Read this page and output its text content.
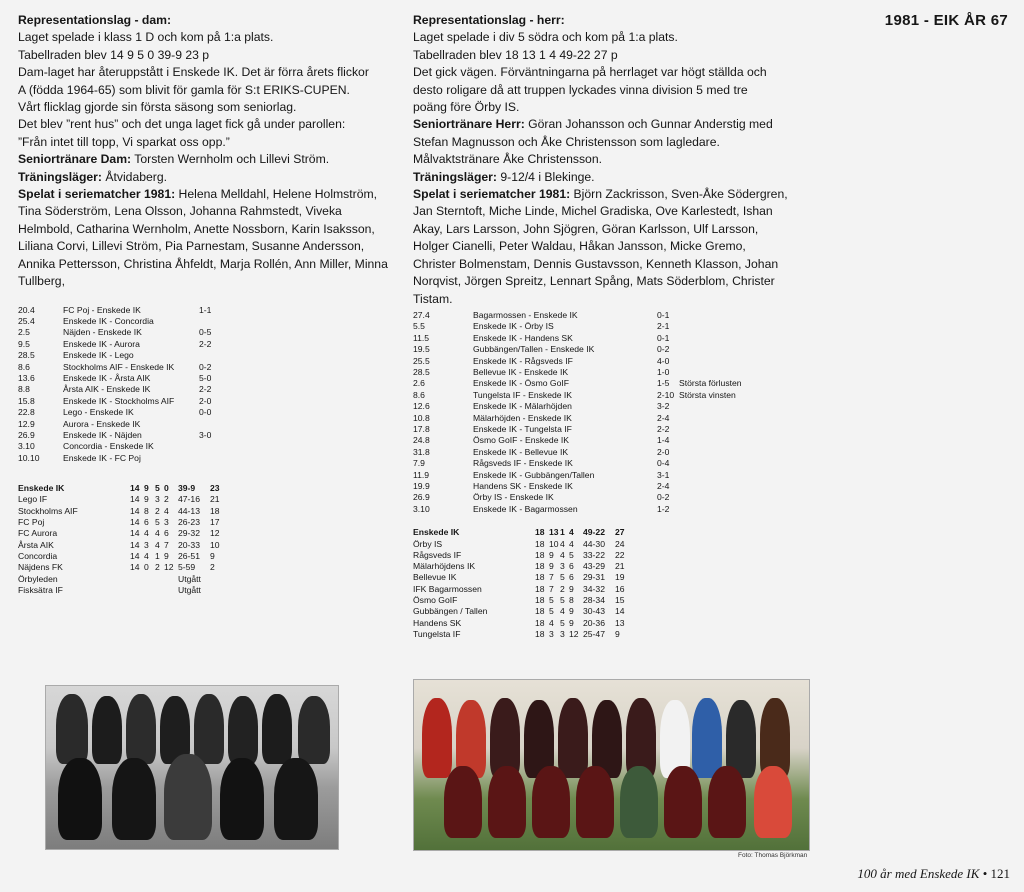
1981 - EIK ÅR 67

Representationslag - dam:

Laget spelade i klass 1 D och kom på 1:a plats.

Tabellraden blev 14 9 5 0 39-9 23 p

Dam-laget har återuppstått i Enskede IK. Det är förra årets flickor

A (födda 1964-65) som blivit för gamla för S:t ERIKS-CUPEN.

Vårt flicklag gjorde sin första säsong som seniorlag.

Det blev ”rent hus” och det unga laget fick gå under parollen:

”Från intet till topp, Vi sparkat oss opp.”

Seniortränare Dam: Torsten Wernholm och Lillevi Ström.

Träningsläger: Åtvidaberg.

Spelat i seriematcher 1981: Helena Melldahl, Helene Holmström, Tina Söderström, Lena Olsson, Johanna Rahmstedt, Viveka Helmbold, Catharina Wernholm, Anette Nossborn, Karin Isaksson, Liliana Corvi, Lillevi Ström, Pia Parnestam, Susanne Andersson, Annika Pettersson, Christina Åhfeldt, Marja Rollén, Ann Miller, Minna Tullberg,

20.4	FC Poj - Enskede IK	1-1
25.4	Enskede IK - Concordia	
2.5	Näjden - Enskede IK	0-5
9.5	Enskede IK - Aurora	2-2
28.5	Enskede IK - Lego	
8.6	Stockholms AIF - Enskede IK	0-2
13.6	Enskede IK - Årsta AIK	5-0
8.8	Årsta AIK - Enskede IK	2-2
15.8	Enskede IK - Stockholms AIF	2-0
22.8	Lego - Enskede IK	0-0
12.9	Aurora - Enskede IK	
26.9	Enskede IK - Näjden	3-0
3.10	Concordia - Enskede IK	
10.10	Enskede IK - FC Poj	
Enskede IK	14	9	5	0	39-9	23
Lego IF	14	9	3	2	47-16	21
Stockholms AIF	14	8	2	4	44-13	18
FC Poj	14	6	5	3	26-23	17
FC Aurora	14	4	4	6	29-32	12
Årsta AIK	14	3	4	7	20-33	10
Concordia	14	4	1	9	26-51	9
Näjdens FK	14	0	2	12	5-59	2
Örbyleden					Utgått	
Fisksätra IF					Utgått	

Representationslag - herr:

Laget spelade i div 5 södra och kom på 1:a plats.

Tabellraden blev 18 13 1 4 49-22 27 p

Det gick vägen. Förväntningarna på herrlaget var högt ställda och

desto roligare då att truppen lyckades vinna division 5 med tre

poäng före Örby IS.

Seniortränare Herr: Göran Johansson och Gunnar Anderstig med Stefan Magnusson och Åke Christensson som lagledare.

Målvaktstränare Åke Christensson.

Träningsläger: 9-12/4 i Blekinge.

Spelat i seriematcher 1981: Björn Zackrisson, Sven-Åke Södergren, Jan Sterntoft, Miche Linde, Michel Gradiska, Ove Karlestedt, Ishan Akay, Lars Larsson, John Sjögren, Göran Karlsson, Ulf Larsson, Holger Cianelli, Peter Waldau, Håkan Jansson, Micke Gremo, Christer Bolmenstam, Dennis Gustavsson, Kenneth Klasson, Johan Norqvist, Jörgen Spreitz, Lennart Spång, Mats Söderblom, Christer Tistam.

27.4	Bagarmossen - Enskede IK	0-1	
5.5	Enskede IK - Örby IS	2-1	
11.5	Enskede IK - Handens SK	0-1	
19.5	Gubbängen/Tallen - Enskede IK	0-2	
25.5	Enskede IK - Rågsveds IF	4-0	
28.5	Bellevue IK - Enskede IK	1-0	
2.6	Enskede IK - Ösmo GoIF	1-5	Största förlusten
8.6	Tungelsta IF - Enskede IK	2-10	Största vinsten
12.6	Enskede IK - Mälarhöjden	3-2	
10.8	Mälarhöjden - Enskede IK	2-4	
17.8	Enskede IK - Tungelsta IF	2-2	
24.8	Ösmo GoIF - Enskede IK	1-4	
31.8	Enskede IK - Bellevue IK	2-0	
7.9	Rågsveds IF - Enskede IK	0-4	
11.9	Enskede IK - Gubbängen/Tallen	3-1	
19.9	Handens SK - Enskede IK	2-4	
26.9	Örby IS - Enskede IK	0-2	
3.10	Enskede IK - Bagarmossen	1-2	
Enskede IK	18	13	1	4	49-22	27
Örby IS	18	10	4	4	44-30	24
Rågsveds IF	18	9	4	5	33-22	22
Mälarhöjdens IK	18	9	3	6	43-29	21
Bellevue IK	18	7	5	6	29-31	19
IFK Bagarmossen	18	7	2	9	34-32	16
Ösmo GoIF	18	5	5	8	28-34	15
Gubbängen / Tallen	18	5	4	9	30-43	14
Handens SK	18	4	5	9	20-36	13
Tungelsta IF	18	3	3	12	25-47	9
Foto: Thomas Björkman
100 år med Enskede IK • 121
